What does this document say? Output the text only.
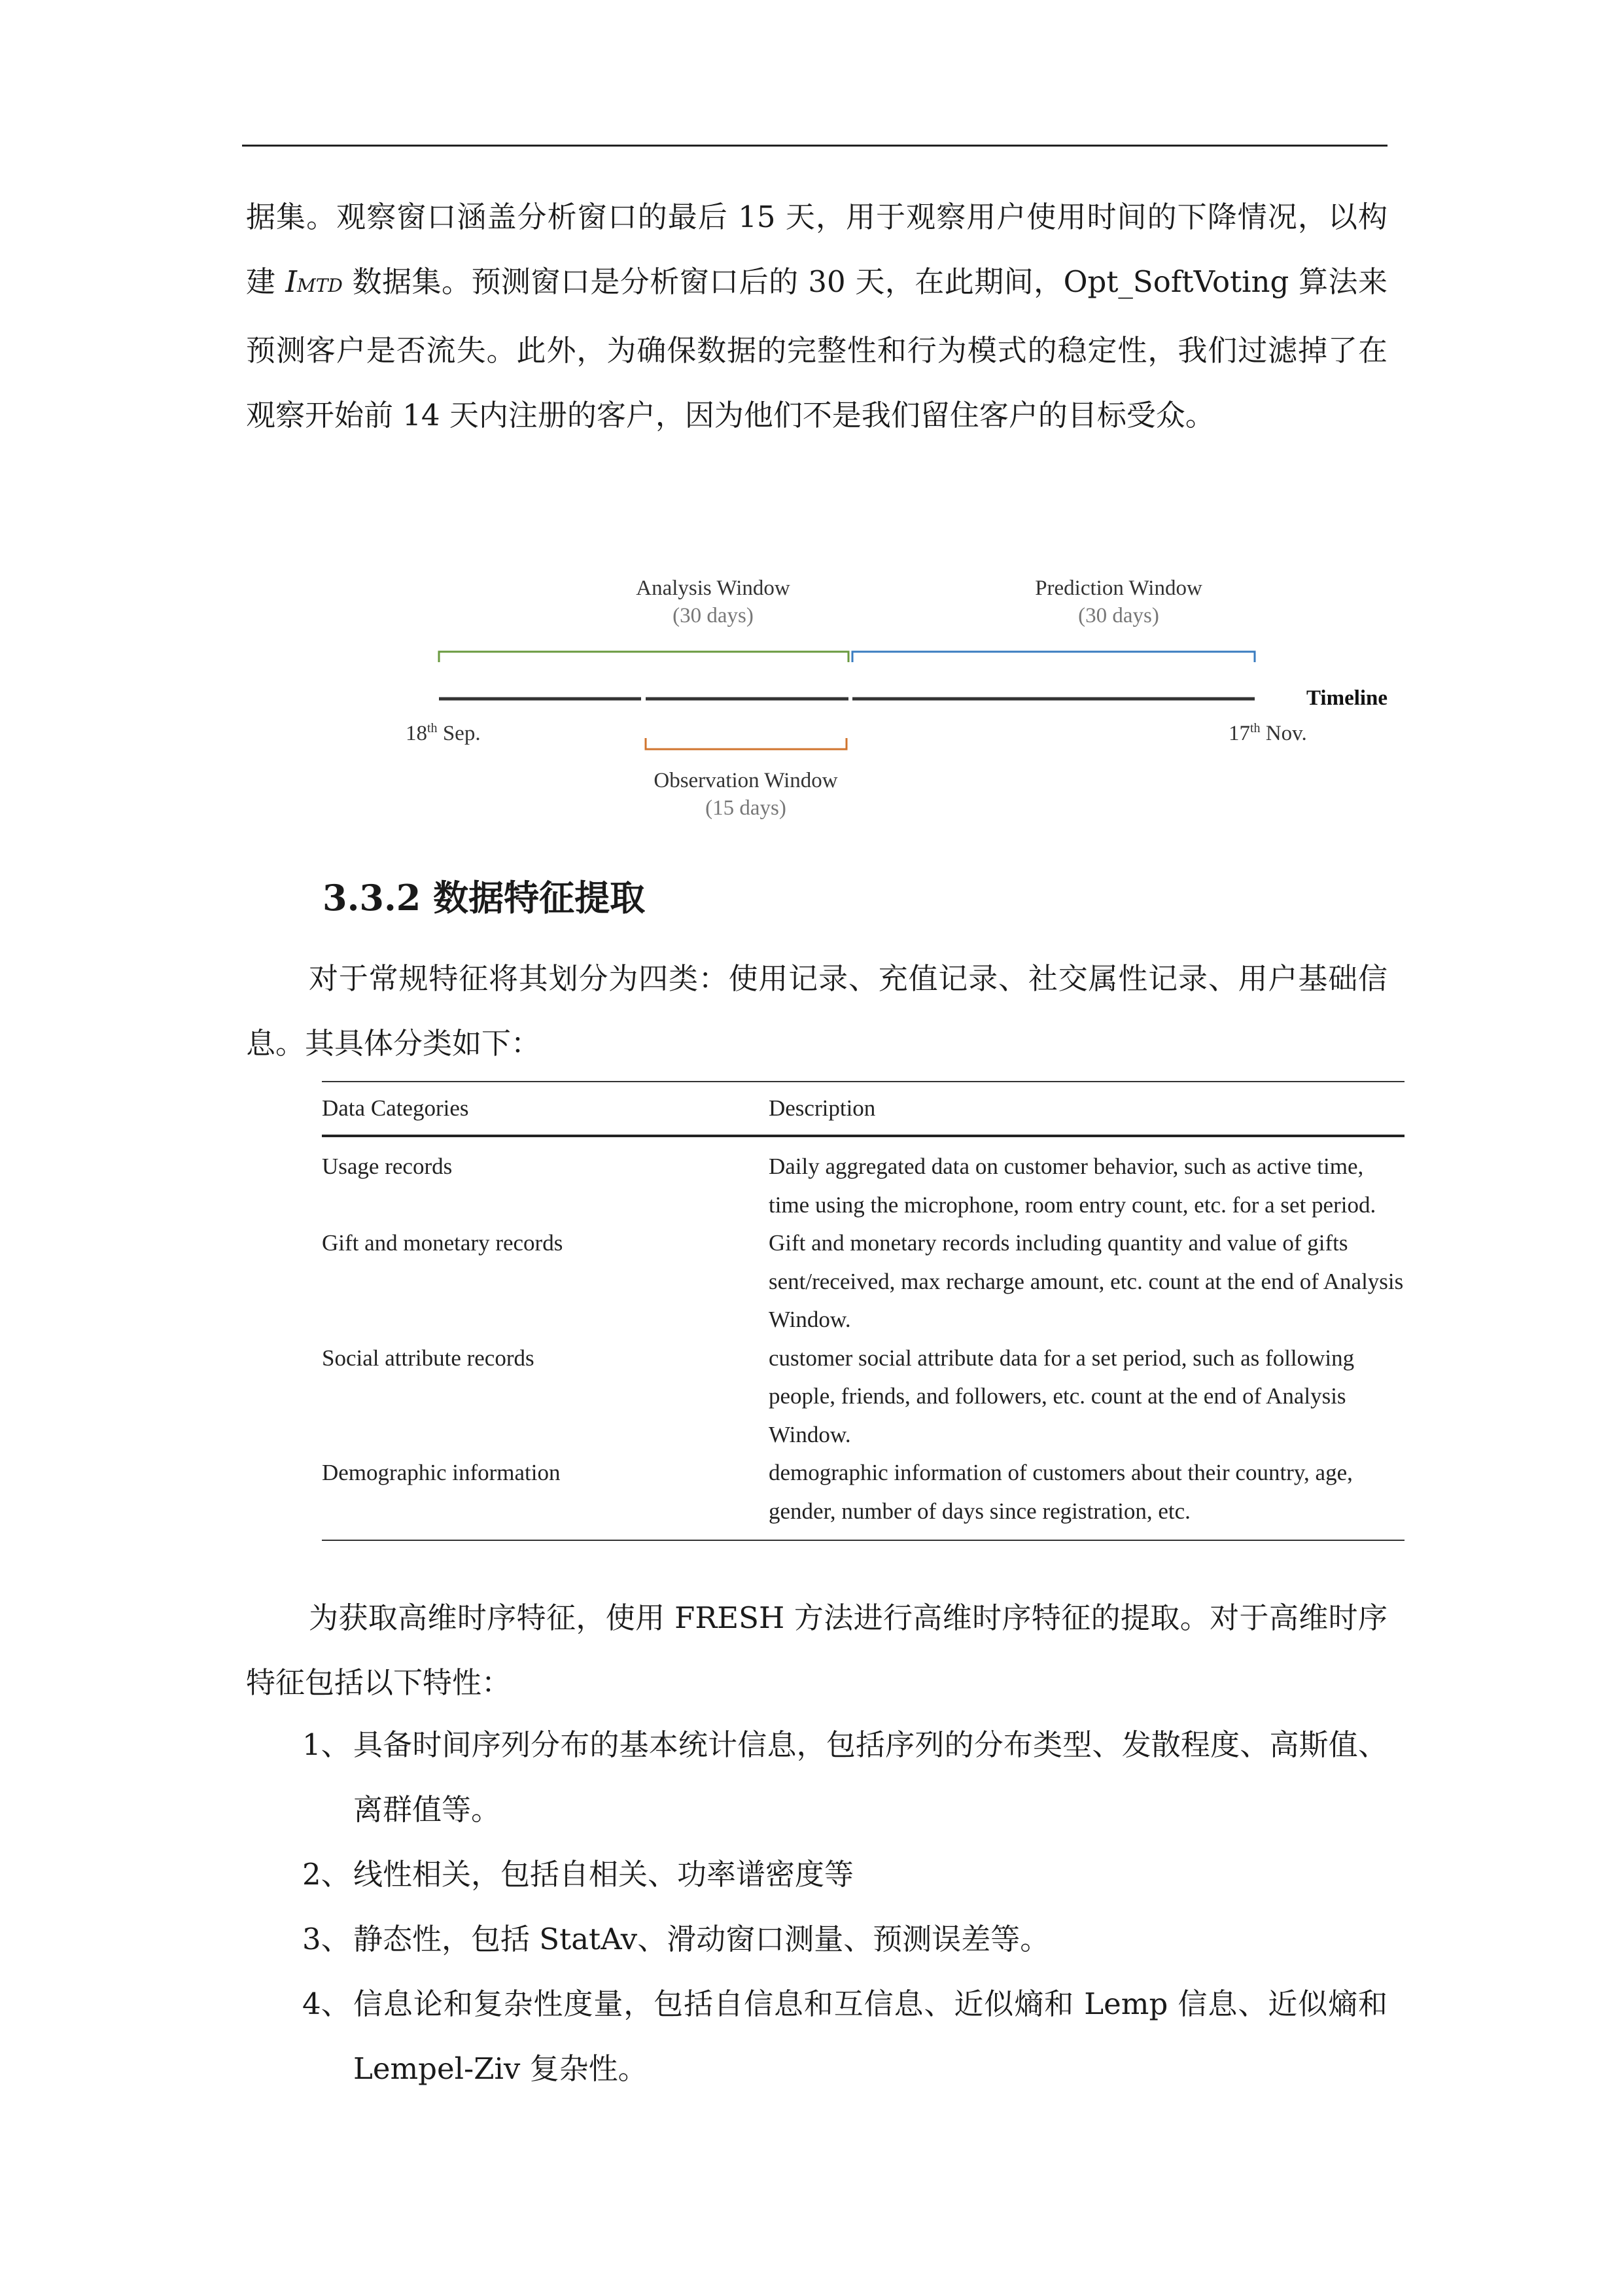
据集。观察窗口涵盖分析窗口的最后 15 天，用于观察用户使用时间的下降情况，以构建 IMTD 数据集。预测窗口是分析窗口后的 30 天，在此期间，Opt_SoftVoting 算法来预测客户是否流失。此外，为确保数据的完整性和行为模式的稳定性，我们过滤掉了在观察开始前 14 天内注册的客户，因为他们不是我们留住客户的目标受众。

Analysis Window
(30 days)
Prediction Window
(30 days)
Timeline
18th Sep.	17th Nov.
Observation Window
(15 days)
3.3.2 数据特征提取

对于常规特征将其划分为四类：使用记录、充值记录、社交属性记录、用户基础信息。其具体分类如下：

Data Categories	Description
Usage records	Daily aggregated data on customer behavior, such as active time, time using the microphone, room entry count, etc. for a set period.
Gift and monetary records	Gift and monetary records including quantity and value of gifts sent/received, max recharge amount, etc. count at the end of Analysis Window.
Social attribute records	customer social attribute data for a set period, such as following people, friends, and followers, etc. count at the end of Analysis Window.
Demographic information	demographic information of customers about their country, age, gender, number of days since registration, etc.

为获取高维时序特征，使用 FRESH 方法进行高维时序特征的提取。对于高维时序特征包括以下特性：

1、 具备时间序列分布的基本统计信息，包括序列的分布类型、发散程度、高斯值、离群值等。
2、 线性相关，包括自相关、功率谱密度等
3、 静态性，包括 StatAv、滑动窗口测量、预测误差等。
4、 信息论和复杂性度量，包括自信息和互信息、近似熵和 Lemp 信息、近似熵和 Lempel-Ziv 复杂性。
